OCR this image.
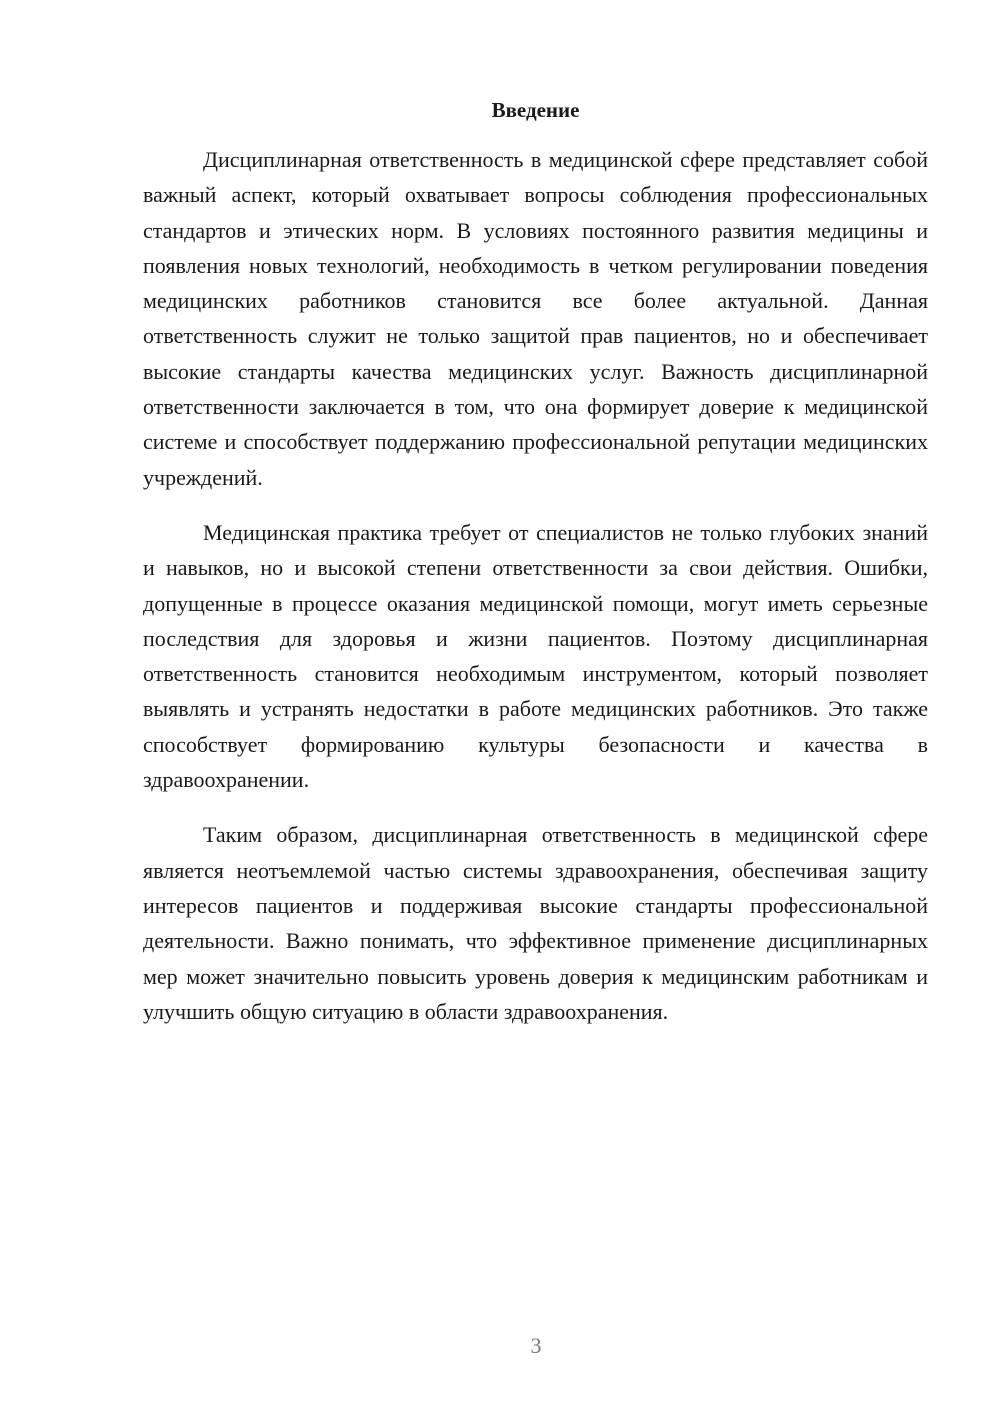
Введение

Дисциплинарная ответственность в медицинской сфере представляет собой важный аспект, который охватывает вопросы соблюдения профессиональных стандартов и этических норм. В условиях постоянного развития медицины и появления новых технологий, необходимость в четком регулировании поведения медицинских работников становится все более актуальной. Данная ответственность служит не только защитой прав пациентов, но и обеспечивает высокие стандарты качества медицинских услуг. Важность дисциплинарной ответственности заключается в том, что она формирует доверие к медицинской системе и способствует поддержанию профессиональной репутации медицинских учреждений.

Медицинская практика требует от специалистов не только глубоких знаний и навыков, но и высокой степени ответственности за свои действия. Ошибки, допущенные в процессе оказания медицинской помощи, могут иметь серьезные последствия для здоровья и жизни пациентов. Поэтому дисциплинарная ответственность становится необходимым инструментом, который позволяет выявлять и устранять недостатки в работе медицинских работников. Это также способствует формированию культуры безопасности и качества в здравоохранении.

Таким образом, дисциплинарная ответственность в медицинской сфере является неотъемлемой частью системы здравоохранения, обеспечивая защиту интересов пациентов и поддерживая высокие стандарты профессиональной деятельности. Важно понимать, что эффективное применение дисциплинарных мер может значительно повысить уровень доверия к медицинским работникам и улучшить общую ситуацию в области здравоохранения.

3
